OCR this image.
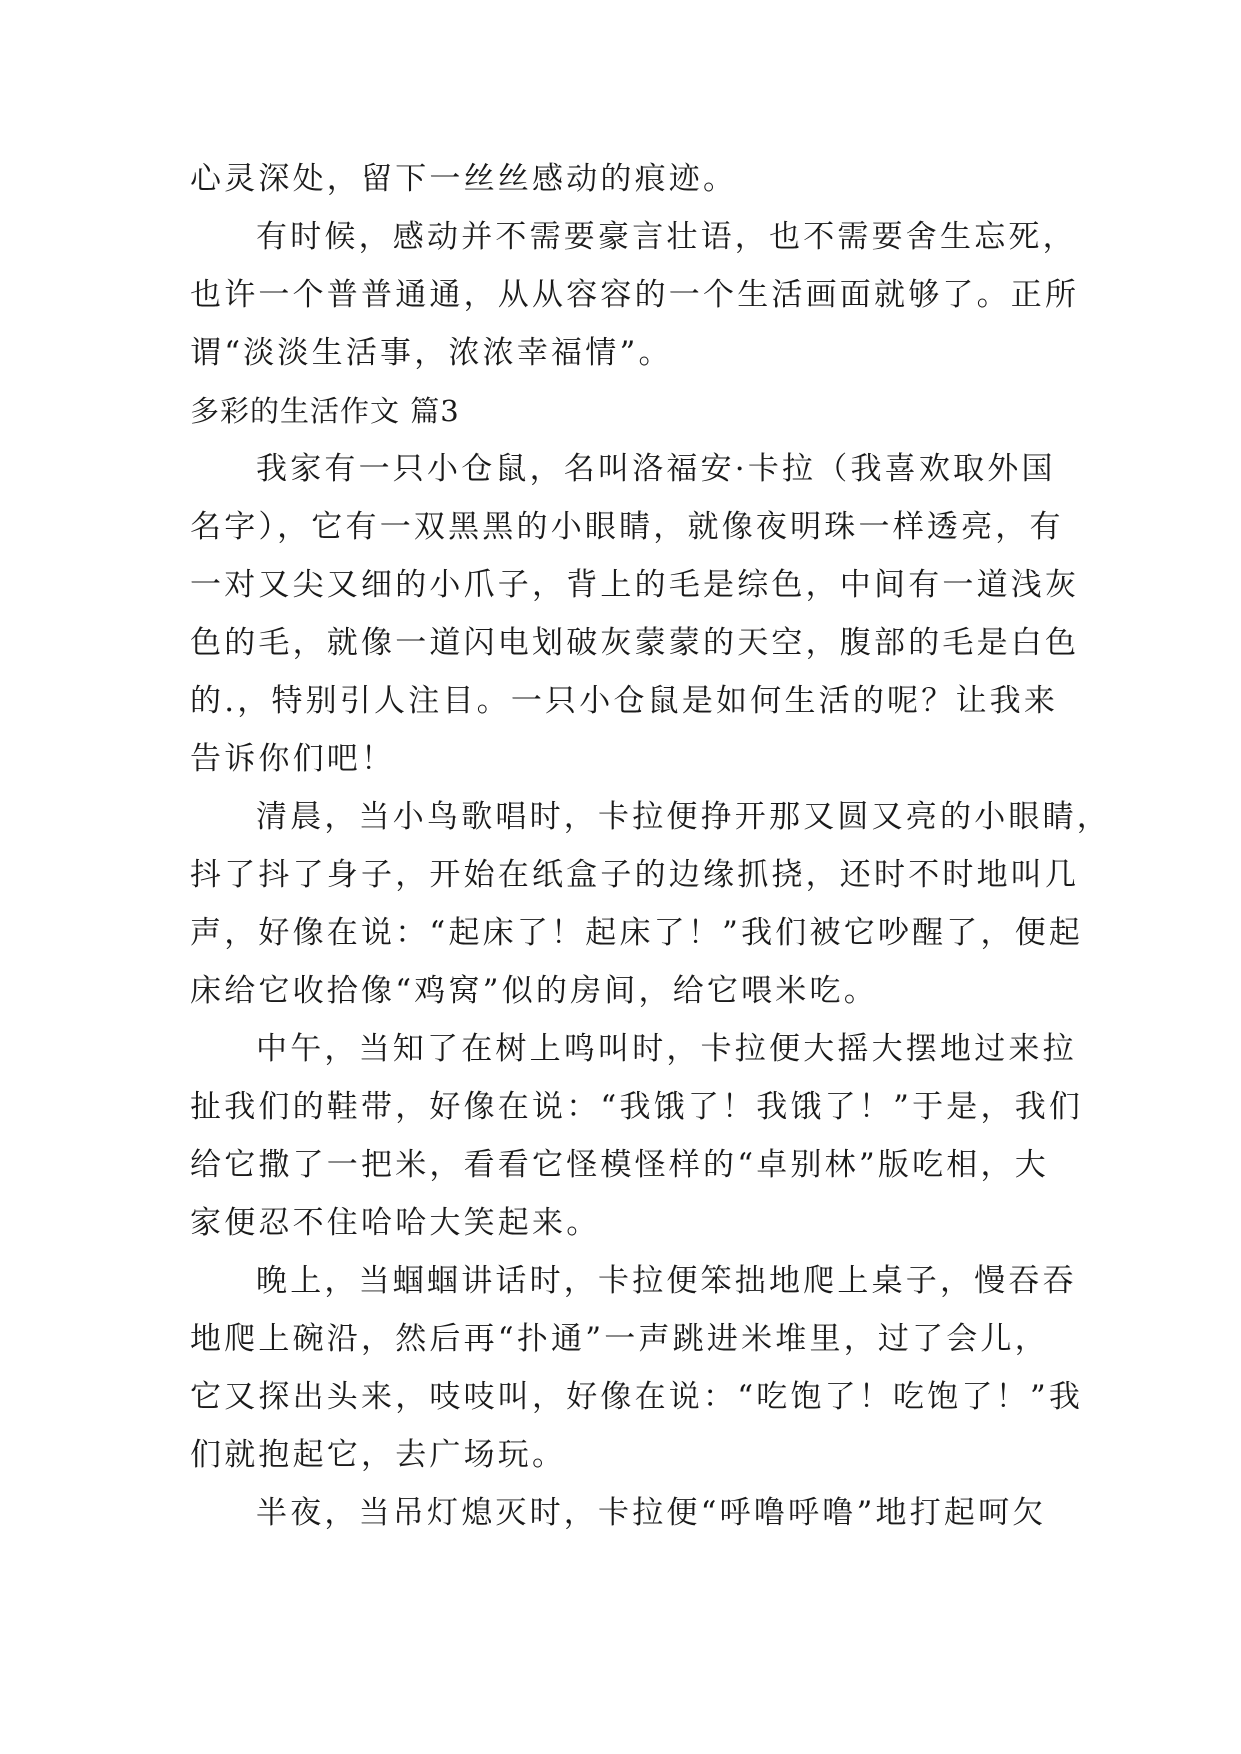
心灵深处，留下一丝丝感动的痕迹。
有时候，感动并不需要豪言壮语，也不需要舍生忘死，
也许一个普普通通，从从容容的一个生活画面就够了。正所
谓“淡淡生活事，浓浓幸福情”。
多彩的生活作文 篇3
我家有一只小仓鼠，名叫洛福安·卡拉（我喜欢取外国
名字），它有一双黑黑的小眼睛，就像夜明珠一样透亮，有
一对又尖又细的小爪子，背上的毛是综色，中间有一道浅灰
色的毛，就像一道闪电划破灰蒙蒙的天空，腹部的毛是白色
的.，特别引人注目。一只小仓鼠是如何生活的呢？让我来
告诉你们吧！
清晨，当小鸟歌唱时，卡拉便挣开那又圆又亮的小眼睛，
抖了抖了身子，开始在纸盒子的边缘抓挠，还时不时地叫几
声，好像在说：“起床了！起床了！”我们被它吵醒了，便起
床给它收拾像“鸡窝”似的房间，给它喂米吃。
中午，当知了在树上鸣叫时，卡拉便大摇大摆地过来拉
扯我们的鞋带，好像在说：“我饿了！我饿了！”于是，我们
给它撒了一把米，看看它怪模怪样的“卓别林”版吃相，大
家便忍不住哈哈大笑起来。
晚上，当蝈蝈讲话时，卡拉便笨拙地爬上桌子，慢吞吞
地爬上碗沿，然后再“扑通”一声跳进米堆里，过了会儿，
它又探出头来，吱吱叫，好像在说：“吃饱了！吃饱了！”我
们就抱起它，去广场玩。
半夜，当吊灯熄灭时，卡拉便“呼噜呼噜”地打起呵欠
